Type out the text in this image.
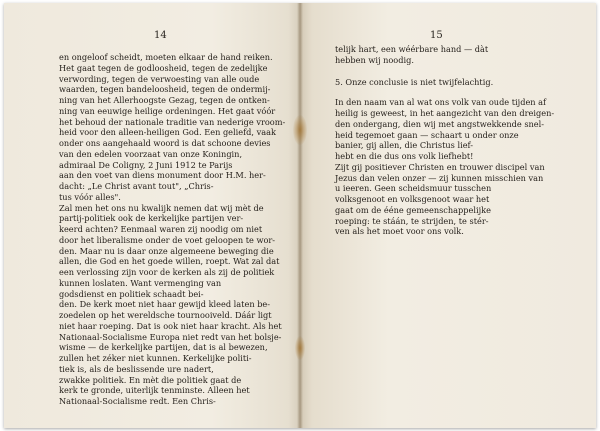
14

en ongeloof scheidt, moeten elkaar de hand reiken.

Het gaat tegen de godloosheid, tegen de zedelijke

verwording, tegen de verwoesting van alle oude

waarden, tegen bandeloosheid, tegen de ondermij-

ning van het Allerhoogste Gezag, tegen de ontken-

ning van eeuwige heilige ordeningen. Het gaat vóór

het behoud der nationale traditie van nederige vroom-

heid voor den alleen-heiligen God. Een geliefd, vaak

onder ons aangehaald woord is dat schoone devies

van den edelen voorzaat van onze Koningin,

admiraal De Coligny, 2 Juni 1912 te Parijs

aan den voet van diens monument door H.M. her-

dacht: „Le Christ avant tout", „Chris-

tus vóór alles".

Zal men het ons nu kwalijk nemen dat wij mèt de

partij-politiek ook de kerkelijke partijen ver-

keerd achten? Eenmaal waren zij noodig om niet

door het liberalisme onder de voet geloopen te wor-

den. Maar nu is daar onze algemeene beweging die

allen, die God en het goede willen, roept. Wat zal dat

een verlossing zijn voor de kerken als zij de politiek

kunnen loslaten. Want vermenging van

godsdienst en politiek schaadt bei-

den. De kerk moet niet haar gewijd kleed laten be-

zoedelen op het wereldsche tournooiveld. Dáár ligt

niet haar roeping. Dat is ook niet haar kracht. Als het

Nationaal-Socialisme Europa niet redt van het bolsje-

wisme — de kerkelijke partijen, dat is al bewezen,

zullen het zéker niet kunnen. Kerkelijke politi-

tiek is, als de beslissende ure nadert,

zwakke politiek. En mèt die politiek gaat de

kerk te gronde, uiterlijk tenminste. Alleen het

Nationaal-Socialisme redt. Een Chris-

15

telijk hart, een wéérbare hand — dàt

hebben wij noodig.

5. Onze conclusie is niet twijfelachtig.

In den naam van al wat ons volk van oude tijden af

heilig is geweest, in het aangezicht van den dreigen-

den ondergang, dien wij met angstwekkende snel-

heid tegemoet gaan — schaart u onder onze

banier, gij allen, die Christus lief-

hebt en die dus ons volk liefhebt!

Zijt gij positiever Christen en trouwer discipel van

Jezus dan velen onzer — zij kunnen misschien van

u ieeren. Geen scheidsmuur tusschen

volksgenoot en volksgenoot waar het

gaat om de ééne gemeenschappelijke

roeping: te stáán, te strijden, te stér-

ven als het moet voor ons volk.
